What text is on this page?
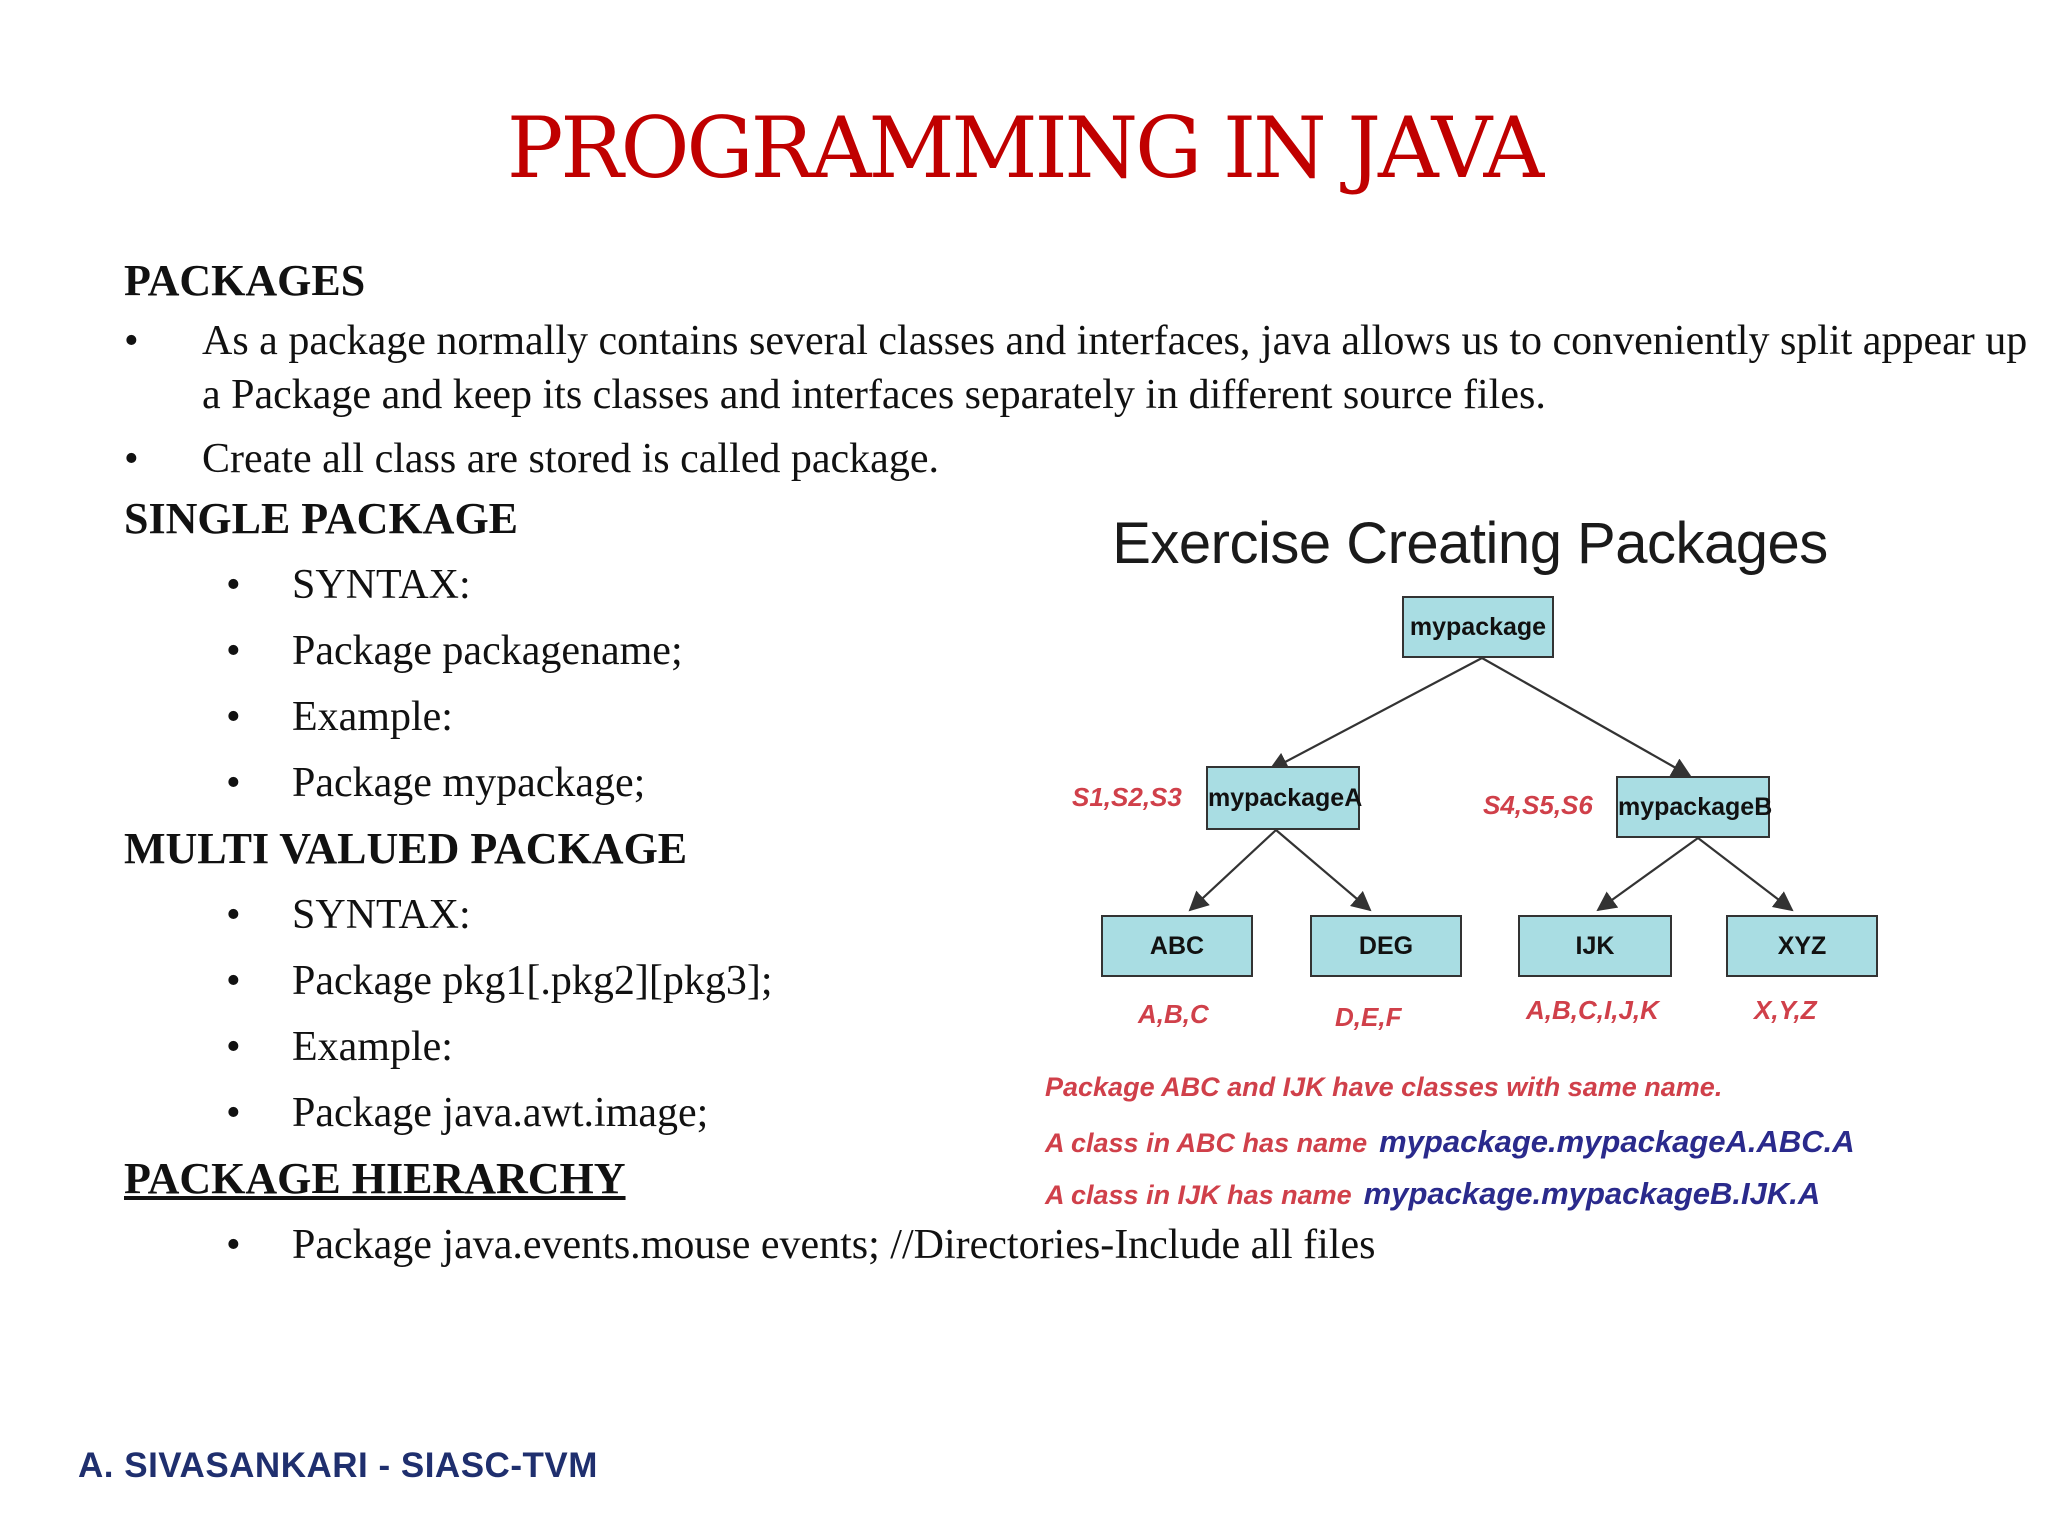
PROGRAMMING IN JAVA
PACKAGES
• As a package normally contains several classes and interfaces, java allows us to conveniently split appear up a Package and keep its classes and interfaces separately in different source files.
• Create all class are stored is called package.
SINGLE PACKAGE
• SYNTAX:
• Package packagename;
• Example:
• Package mypackage;
MULTI VALUED PACKAGE
• SYNTAX:
• Package pkg1[.pkg2][pkg3];
• Example:
• Package java.awt.image;
PACKAGE HIERARCHY
• Package java.events.mouse events; //Directories-Include all files
Exercise Creating Packages
mypackage
mypackageA
S1,S2,S3	mypackageB
S4,S5,S6
ABC	DEG	IJK	XYZ
A,B,C	D,E,F	A,B,C,I,J,K	X,Y,Z
Package ABC and IJK have classes with same name.
A class in ABC has name mypackage.mypackageA.ABC.A
A class in IJK has name mypackage.mypackageB.IJK.A
A. SIVASANKARI - SIASC-TVM
